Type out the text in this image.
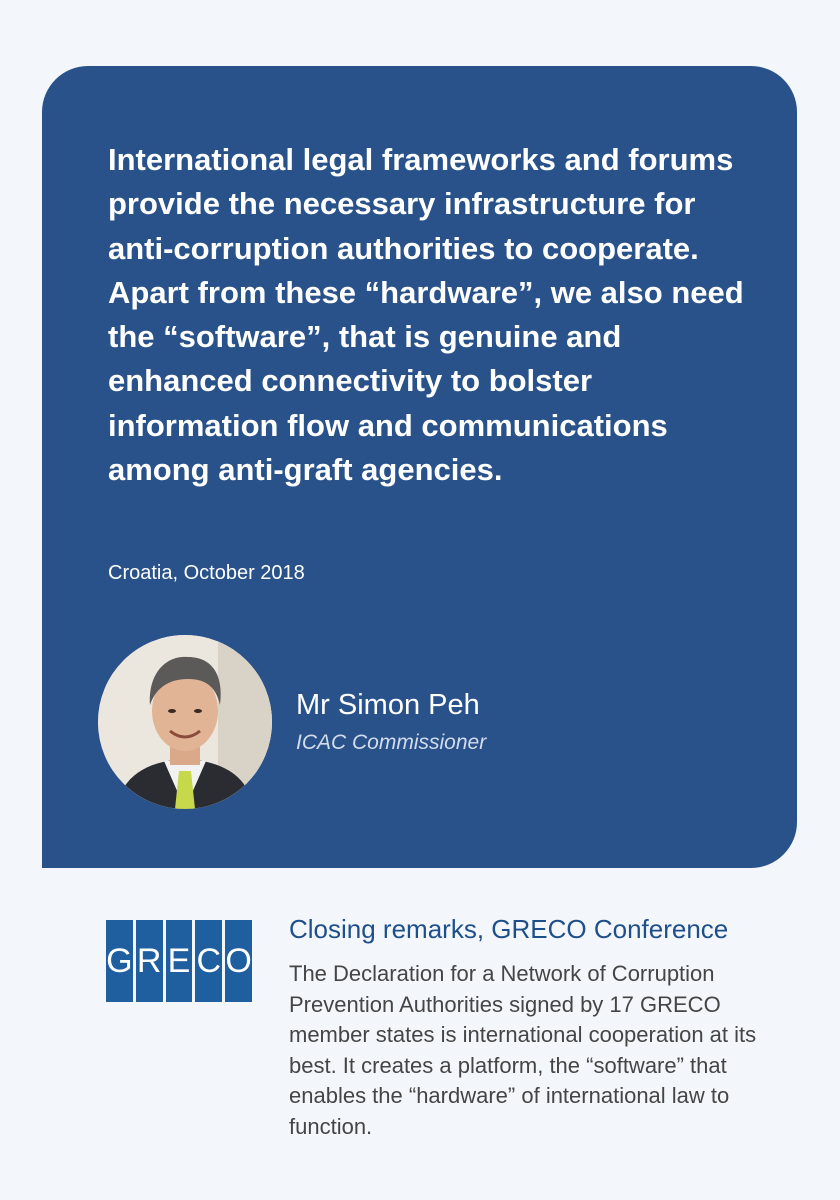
International legal frameworks and forums provide the necessary infrastructure for anti-corruption authorities to cooperate. Apart from these “hardware”, we also need the “software”, that is genuine and enhanced connectivity to bolster information flow and communications among anti-graft agencies.

Croatia, October 2018

Mr Simon Peh

ICAC Commissioner

G R E C O

Closing remarks, GRECO Conference

The Declaration for a Network of Corruption Prevention Authorities signed by 17 GRECO member states is international cooperation at its best. It creates a platform, the “software” that enables the “hardware” of international law to function.
